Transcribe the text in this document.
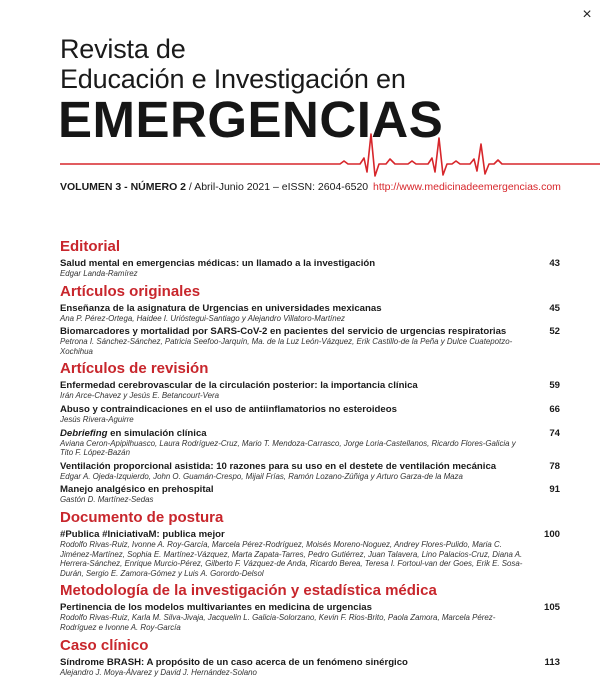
×
Revista de
Educación e Investigación en
EMERGENCIAS
VOLUMEN 3 - NÚMERO 2 / Abril-Junio 2021 – eISSN: 2604-6520 http://www.medicinadeemergencias.com
Editorial
Salud mental en emergencias médicas: un llamado a la investigación
Edgar Landa-Ramírez
43
Artículos originales
Enseñanza de la asignatura de Urgencias en universidades mexicanas
Ana P. Pérez-Ortega, Haidee I. Urióstegui-Santiago y Alejandro Villatoro-Martínez
45
Biomarcadores y mortalidad por SARS-CoV-2 en pacientes del servicio de urgencias respiratorias
Petrona I. Sánchez-Sánchez, Patricia Seefoo-Jarquín, Ma. de la Luz León-Vázquez, Erik Castillo-de la Peña y Dulce Cuatepotzo-Xochihua
52
Artículos de revisión
Enfermedad cerebrovascular de la circulación posterior: la importancia clínica
Irán Arce-Chavez y Jesús E. Betancourt-Vera
59
Abuso y contraindicaciones en el uso de antiinflamatorios no esteroideos
Jesús Rivera-Aguirre
66
Debriefing en simulación clínica
Aviana Ceron-Apipilhuasco, Laura Rodríguez-Cruz, Mario T. Mendoza-Carrasco, Jorge Loria-Castellanos, Ricardo Flores-Galicia y Tito F. López-Bazán
74
Ventilación proporcional asistida: 10 razones para su uso en el destete de ventilación mecánica
Edgar A. Ojeda-Izquierdo, John O. Guamán-Crespo, Mijail Frías, Ramón Lozano-Zúñiga y Arturo Garza-de la Maza
78
Manejo analgésico en prehospital
Gastón D. Martínez-Sedas
91
Documento de postura
#Publica #IniciativaM: publica mejor
Rodolfo Rivas-Ruiz, Ivonne A. Roy-García, Marcela Pérez-Rodríguez, Moisés Moreno-Noguez, Andrey Flores-Pulido, Maria C. Jiménez-Martínez, Sophia E. Martínez-Vázquez, Marta Zapata-Tarres, Pedro Gutiérrez, Juan Talavera, Lino Palacios-Cruz, Diana A. Herrera-Sánchez, Enrique Murcio-Pérez, Gilberto F. Vázquez-de Anda, Ricardo Berea, Teresa I. Fortoul-van der Goes, Erik E. Sosa-Durán, Sergio E. Zamora-Gómez y Luis A. Gorordo-Delsol
100
Metodología de la investigación y estadística médica
Pertinencia de los modelos multivariantes en medicina de urgencias
Rodolfo Rivas-Ruiz, Karla M. Silva-Jivaja, Jacquelin L. Galicia-Solorzano, Kevin F. Rios-Brito, Paola Zamora, Marcela Pérez-Rodríguez e Ivonne A. Roy-García
105
Caso clínico
Síndrome BRASH: A propósito de un caso acerca de un fenómeno sinérgico
Alejandro J. Moya-Álvarez y David J. Hernández-Solano
113
